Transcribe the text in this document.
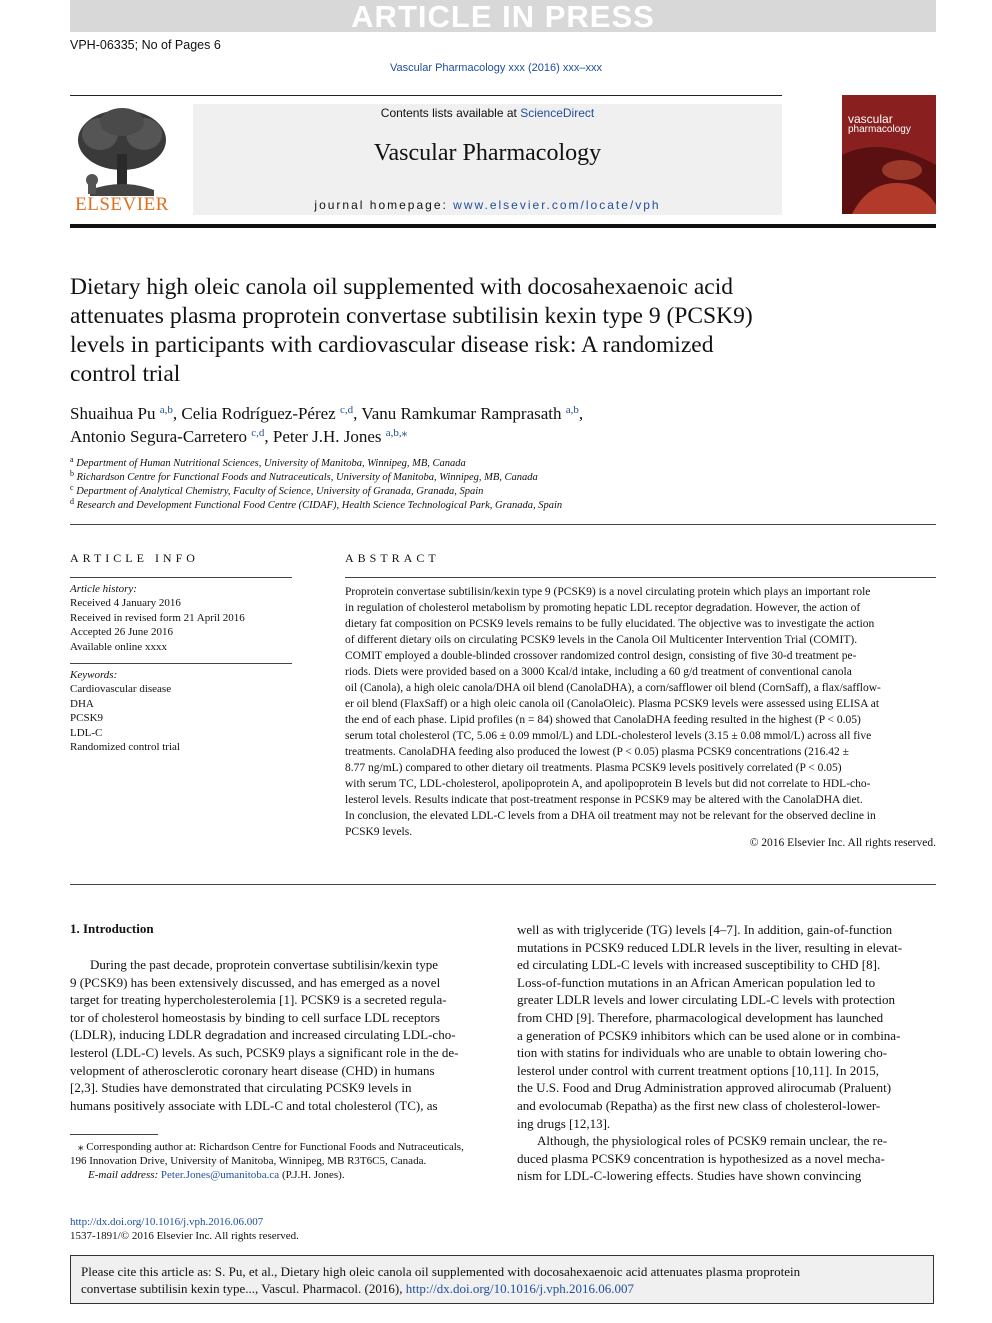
ARTICLE IN PRESS
VPH-06335; No of Pages 6
Vascular Pharmacology xxx (2016) xxx–xxx
ELSEVIER
Contents lists available at ScienceDirect
Vascular Pharmacology
journal homepage: www.elsevier.com/locate/vph
vascular
pharmacology
Dietary high oleic canola oil supplemented with docosahexaenoic acid
attenuates plasma proprotein convertase subtilisin kexin type 9 (PCSK9)
levels in participants with cardiovascular disease risk: A randomized
control trial
Shuaihua Pu $^{a,b}$, Celia Rodríguez-Pérez $^{c,d}$, Vanu Ramkumar Ramprasath $^{a,b}$,
Antonio Segura-Carretero $^{c,d}$, Peter J.H. Jones $^{a,b,⁎}$
$^a$ Department of Human Nutritional Sciences, University of Manitoba, Winnipeg, MB, Canada
$^b$ Richardson Centre for Functional Foods and Nutraceuticals, University of Manitoba, Winnipeg, MB, Canada
$^c$ Department of Analytical Chemistry, Faculty of Science, University of Granada, Granada, Spain
$^d$ Research and Development Functional Food Centre (CIDAF), Health Science Technological Park, Granada, Spain
ARTICLE INFO
Article history:
Received 4 January 2016
Received in revised form 21 April 2016
Accepted 26 June 2016
Available online xxxx
Keywords:
Cardiovascular disease
DHA
PCSK9
LDL-C
Randomized control trial
ABSTRACT
Proprotein convertase subtilisin/kexin type 9 (PCSK9) is a novel circulating protein which plays an important role
in regulation of cholesterol metabolism by promoting hepatic LDL receptor degradation. However, the action of
dietary fat composition on PCSK9 levels remains to be fully elucidated. The objective was to investigate the action
of different dietary oils on circulating PCSK9 levels in the Canola Oil Multicenter Intervention Trial (COMIT).
COMIT employed a double-blinded crossover randomized control design, consisting of five 30-d treatment pe-
riods. Diets were provided based on a 3000 Kcal/d intake, including a 60 g/d treatment of conventional canola
oil (Canola), a high oleic canola/DHA oil blend (CanolaDHA), a corn/safflower oil blend (CornSaff), a flax/safflow-
er oil blend (FlaxSaff) or a high oleic canola oil (CanolaOleic). Plasma PCSK9 levels were assessed using ELISA at
the end of each phase. Lipid profiles (n = 84) showed that CanolaDHA feeding resulted in the highest (P < 0.05)
serum total cholesterol (TC, 5.06 ± 0.09 mmol/L) and LDL-cholesterol levels (3.15 ± 0.08 mmol/L) across all five
treatments. CanolaDHA feeding also produced the lowest (P < 0.05) plasma PCSK9 concentrations (216.42 ±
8.77 ng/mL) compared to other dietary oil treatments. Plasma PCSK9 levels positively correlated (P < 0.05)
with serum TC, LDL-cholesterol, apolipoprotein A, and apolipoprotein B levels but did not correlate to HDL-cho-
lesterol levels. Results indicate that post-treatment response in PCSK9 may be altered with the CanolaDHA diet.
In conclusion, the elevated LDL-C levels from a DHA oil treatment may not be relevant for the observed decline in
PCSK9 levels.
© 2016 Elsevier Inc. All rights reserved.
1. Introduction
During the past decade, proprotein convertase subtilisin/kexin type
9 (PCSK9) has been extensively discussed, and has emerged as a novel
target for treating hypercholesterolemia [1]. PCSK9 is a secreted regula-
tor of cholesterol homeostasis by binding to cell surface LDL receptors
(LDLR), inducing LDLR degradation and increased circulating LDL-cho-
lesterol (LDL-C) levels. As such, PCSK9 plays a significant role in the de-
velopment of atherosclerotic coronary heart disease (CHD) in humans
[2,3]. Studies have demonstrated that circulating PCSK9 levels in
humans positively associate with LDL-C and total cholesterol (TC), as
⁎ Corresponding author at: Richardson Centre for Functional Foods and Nutraceuticals,
196 Innovation Drive, University of Manitoba, Winnipeg, MB R3T6C5, Canada.
E-mail address: Peter.Jones@umanitoba.ca (P.J.H. Jones).
well as with triglyceride (TG) levels [4–7]. In addition, gain-of-function
mutations in PCSK9 reduced LDLR levels in the liver, resulting in elevat-
ed circulating LDL-C levels with increased susceptibility to CHD [8].
Loss-of-function mutations in an African American population led to
greater LDLR levels and lower circulating LDL-C levels with protection
from CHD [9]. Therefore, pharmacological development has launched
a generation of PCSK9 inhibitors which can be used alone or in combina-
tion with statins for individuals who are unable to obtain lowering cho-
lesterol under control with current treatment options [10,11]. In 2015,
the U.S. Food and Drug Administration approved alirocumab (Praluent)
and evolocumab (Repatha) as the first new class of cholesterol-lower-
ing drugs [12,13].
Although, the physiological roles of PCSK9 remain unclear, the re-
duced plasma PCSK9 concentration is hypothesized as a novel mecha-
nism for LDL-C-lowering effects. Studies have shown convincing
http://dx.doi.org/10.1016/j.vph.2016.06.007
1537-1891/© 2016 Elsevier Inc. All rights reserved.
Please cite this article as: S. Pu, et al., Dietary high oleic canola oil supplemented with docosahexaenoic acid attenuates plasma proprotein
convertase subtilisin kexin type..., Vascul. Pharmacol. (2016), http://dx.doi.org/10.1016/j.vph.2016.06.007
